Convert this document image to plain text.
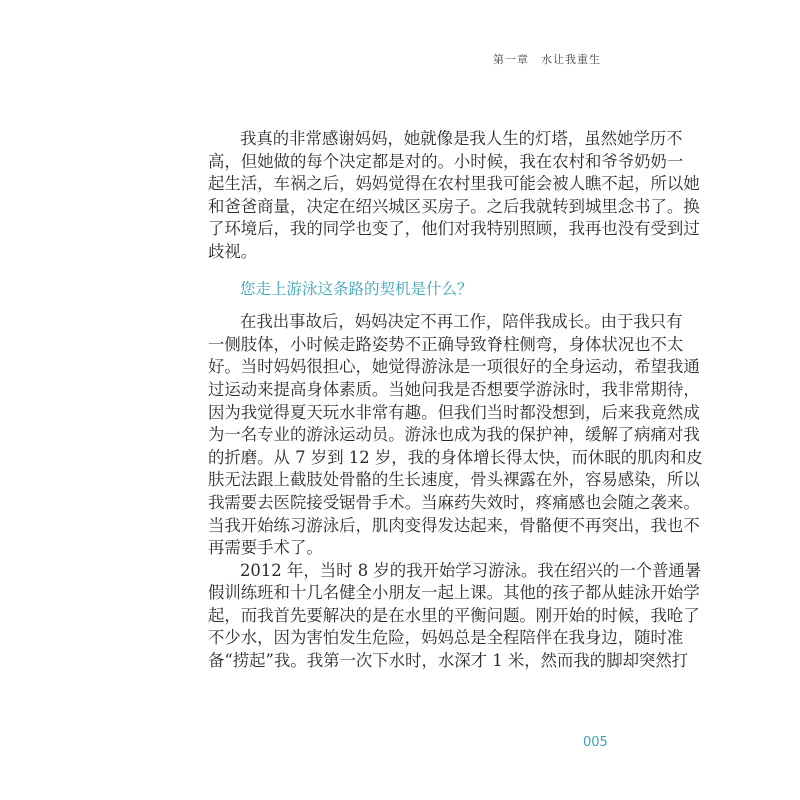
第一章　 水让我重生
我真的非常感谢妈妈，她就像是我人生的灯塔，虽然她学历不
高，但她做的每个决定都是对的。小时候，我在农村和爷爷奶奶一
起生活，车祸之后，妈妈觉得在农村里我可能会被人瞧不起，所以她
和爸爸商量，决定在绍兴城区买房子。之后我就转到城里念书了。换
了环境后，我的同学也变了，他们对我特别照顾，我再也没有受到过
歧视。
您走上游泳这条路的契机是什么？
在我出事故后，妈妈决定不再工作，陪伴我成长。由于我只有
一侧肢体，小时候走路姿势不正确导致脊柱侧弯，身体状况也不太
好。当时妈妈很担心，她觉得游泳是一项很好的全身运动，希望我通
过运动来提高身体素质。当她问我是否想要学游泳时，我非常期待，
因为我觉得夏天玩水非常有趣。但我们当时都没想到，后来我竟然成
为一名专业的游泳运动员。游泳也成为我的保护神，缓解了病痛对我
的折磨。从 7 岁到 12 岁，我的身体增长得太快，而休眠的肌肉和皮
肤无法跟上截肢处骨骼的生长速度，骨头裸露在外，容易感染，所以
我需要去医院接受锯骨手术。当麻药失效时，疼痛感也会随之袭来。
当我开始练习游泳后，肌肉变得发达起来，骨骼便不再突出，我也不
再需要手术了。
2012 年，当时 8 岁的我开始学习游泳。我在绍兴的一个普通暑
假训练班和十几名健全小朋友一起上课。其他的孩子都从蛙泳开始学
起，而我首先要解决的是在水里的平衡问题。刚开始的时候，我呛了
不少水，因为害怕发生危险，妈妈总是全程陪伴在我身边，随时准
备“捞起”我。我第一次下水时，水深才 1 米，然而我的脚却突然打
005
